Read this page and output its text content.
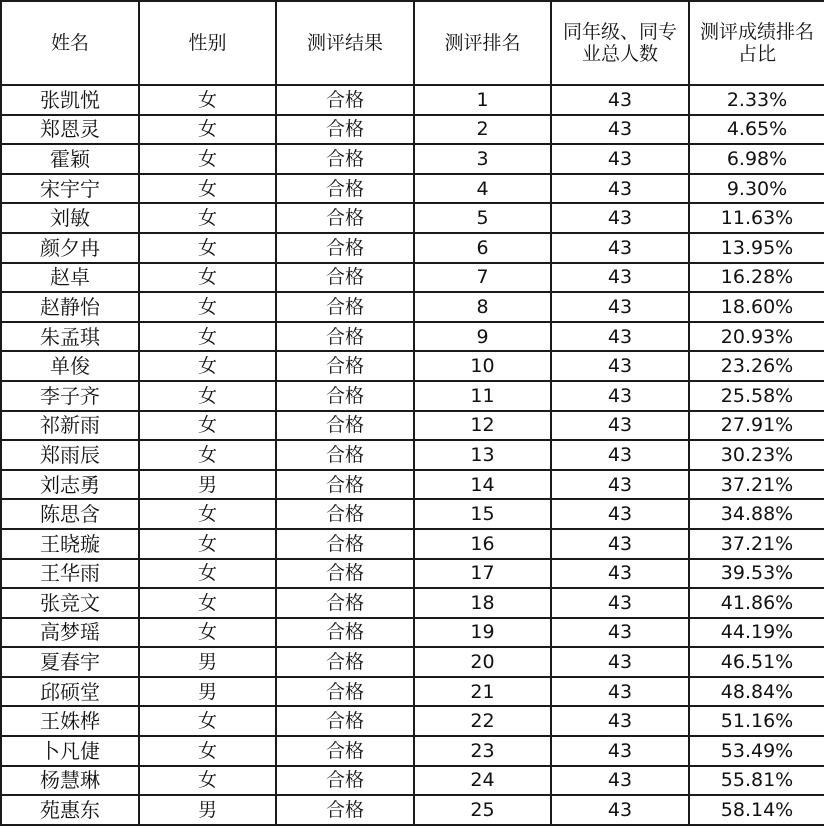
姓名	性别	测评结果	测评排名	同年级、同专业总人数	测评成绩排名占比
张凯悦	女	合格	1	43	2.33%
郑恩灵	女	合格	2	43	4.65%
霍颖	女	合格	3	43	6.98%
宋宇宁	女	合格	4	43	9.30%
刘敏	女	合格	5	43	11.63%
颜夕冉	女	合格	6	43	13.95%
赵卓	女	合格	7	43	16.28%
赵静怡	女	合格	8	43	18.60%
朱孟琪	女	合格	9	43	20.93%
单俊	女	合格	10	43	23.26%
李子齐	女	合格	11	43	25.58%
祁新雨	女	合格	12	43	27.91%
郑雨辰	女	合格	13	43	30.23%
刘志勇	男	合格	14	43	37.21%
陈思含	女	合格	15	43	34.88%
王晓璇	女	合格	16	43	37.21%
王华雨	女	合格	17	43	39.53%
张竞文	女	合格	18	43	41.86%
高梦瑶	女	合格	19	43	44.19%
夏春宇	男	合格	20	43	46.51%
邱硕堂	男	合格	21	43	48.84%
王姝桦	女	合格	22	43	51.16%
卜凡倢	女	合格	23	43	53.49%
杨慧琳	女	合格	24	43	55.81%
苑惠东	男	合格	25	43	58.14%
